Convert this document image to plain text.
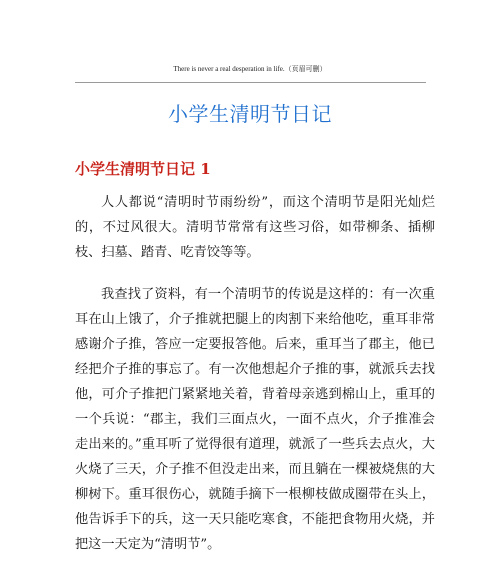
There is never a real desperation in life.（页眉可删）
小学生清明节日记
小学生清明节日记 1

人人都说“清明时节雨纷纷”，而这个清明节是阳光灿烂的，不过风很大。清明节常常有这些习俗，如带柳条、插柳枝、扫墓、踏青、吃青饺等等。

我查找了资料，有一个清明节的传说是这样的：有一次重耳在山上饿了，介子推就把腿上的肉割下来给他吃，重耳非常感谢介子推，答应一定要报答他。后来，重耳当了郡主，他已经把介子推的事忘了。有一次他想起介子推的事，就派兵去找他，可介子推把门紧紧地关着，背着母亲逃到棉山上，重耳的一个兵说：“郡主，我们三面点火，一面不点火，介子推准会走出来的。”重耳听了觉得很有道理，就派了一些兵去点火，大火烧了三天，介子推不但没走出来，而且躺在一棵被烧焦的大柳树下。重耳很伤心，就随手摘下一根柳枝做成圈带在头上，他告诉手下的兵，这一天只能吃寒食，不能把食物用火烧，并把这一天定为“清明节”。
